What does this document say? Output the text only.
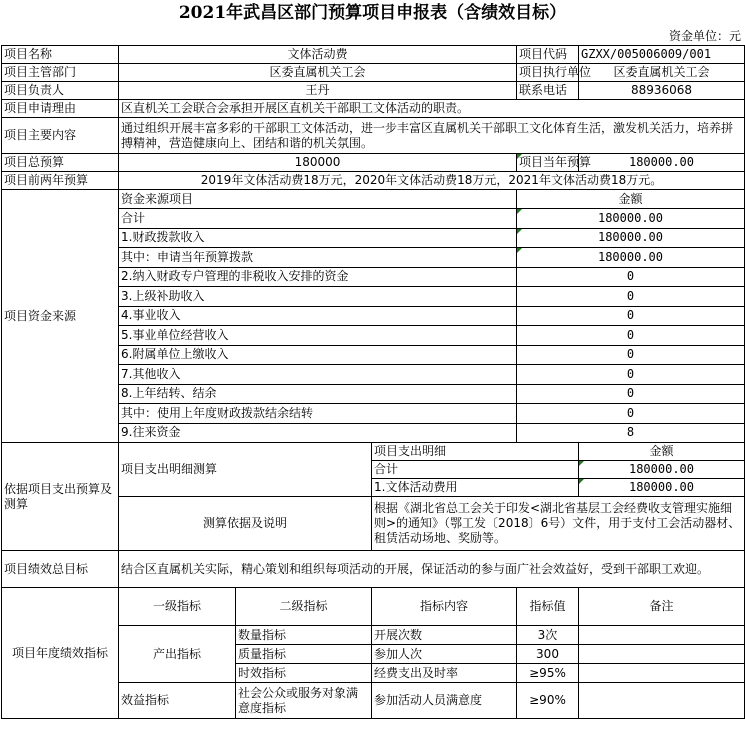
2021年武昌区部门预算项目申报表（含绩效目标）
资金单位：元
项目名称	文体活动费			项目代码	GZXX/005006009/001
项目主管部门	区委直属机关工会			项目执行单位	区委直属机关工会
项目负责人	王丹			联系电话	88936068
项目申请理由	区直机关工会联合会承担开展区直机关干部职工文体活动的职责。				
项目主要内容	通过组织开展丰富多彩的干部职工文体活动，进一步丰富区直属机关干部职工文化体育生活，激发机关活力，培养拼搏精神，营造健康向上、团结和谐的机关氛围。				
项目总预算	180000			项目当年预算	180000.00
项目前两年预算	2019年文体活动费18万元，2020年文体活动费18万元，2021年文体活动费18万元。				
项目资金来源	资金来源项目			金额	
	合计			180000.00	
	1.财政拨款收入			180000.00	
	其中：申请当年预算拨款			180000.00	
	2.纳入财政专户管理的非税收入安排的资金			0	
	3.上级补助收入			0	
	4.事业收入			0	
	5.事业单位经营收入			0	
	6.附属单位上缴收入			0	
	7.其他收入			0	
	8.上年结转、结余			0	
	其中：使用上年度财政拨款结余结转			0	
	9.往来资金			8	
依据项目支出预算及测算	项目支出明细测算		项目支出明细		金额
			合计		180000.00
			1.文体活动费用		180000.00
	测算依据及说明		根据《湖北省总工会关于印发<湖北省基层工会经费收支管理实施细则>的通知》（鄂工发〔2018〕6号）文件，用于支付工会活动器材、租赁活动场地、奖励等。		
项目绩效总目标	结合区直属机关实际，精心策划和组织每项活动的开展，保证活动的参与面广社会效益好，受到干部职工欢迎。				
项目年度绩效指标	一级指标	二级指标	指标内容	指标值	备注
	产出指标	数量指标	开展次数	3次	
		质量指标	参加人次	300	
		时效指标	经费支出及时率	≥95%	
	效益指标	社会公众或服务对象满意度指标	参加活动人员满意度	≥90%	
